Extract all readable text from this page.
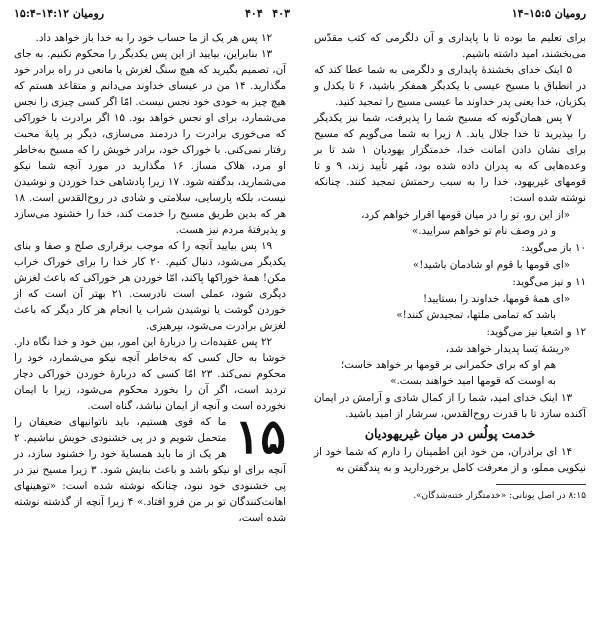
رومیان ۱۵:۵–۱۴
۴۰۴ ۴۰۳
رومیان ۱۴:۱۲–۱۵:۴

برای تعلیم ما بوده تا با پایداری و آن دلگرمی که کتب مقدّس می‌بخشند، امید داشته باشیم.

۵ اینک خدای بخشندهٔ پایداری و دلگرمی به شما عطا کند که در انطباق با مسیح عیسی با یکدیگر همفکر باشید، ۶ تا یکدل و یکزبان، خدا یعنی پدر خداوند ما عیسی مسیح را تمجید کنید.
۷ پس همان‌گونه که مسیح شما را پذیرفت، شما نیز یکدیگر را بپذیرید تا خدا جلال یابد. ۸ زیرا به شما می‌گویم که مسیح برای نشان دادن امانت خدا، خدمتگزار یهودیان ۱ شد تا بر وعده‌هایی که به پدران داده شده بود، مُهر تأیید زند، ۹ و تا قومهای غیریهود، خدا را به سبب رحمتش تمجید کنند. چنانکه نوشته شده است:
«از این رو، تو را در میان قومها اقرار خواهم کرد،
و در وصف نام تو خواهم سرایید.»
۱۰ باز می‌گوید:
«ای قومها با قوم او شادمان باشید!»
۱۱ و نیز می‌گوید:
«ای همهٔ قومها، خداوند را بستایید!
باشد که تمامی ملتها، تمجیدش کنند!»
۱۲ و اشعیا نیز می‌گوید:
«ریشهٔ یَسا پدیدار خواهد شد،
هم او که برای حکمرانی بر قومها بر خواهد خاست؛
به اوست که قومها امید خواهند بست.»
۱۳ اینک خدای امید، شما را از کمال شادی و آرامش در ایمان آکنده سازد تا با قدرت روح‌القدس، سرشار از امید باشید.
خدمت پولُس در میان غیریهودیان
۱۴ ای برادران، من خود این اطمینان را دارم که شما خود از نیکویی مملو، و از معرفت کامل برخوردارید و به پندگفتن به
۸:۱۵ در اصل یونانی: «خدمتگزار ختنه‌شدگان».
۱۲ پس هر یک از ما حساب خود را به خدا باز خواهد داد.
۱۳ بنابراین، بیایید از این پس یکدیگر را محکوم نکنیم. به جای آن، تصمیم بگیرید که هیچ سنگ لغزش یا مانعی در راه برادر خود مگذارید. ۱۴ من در عیسای خداوند می‌دانم و متقاعد هستم که هیچ چیز به خودی خود نجس نیست. امّا اگر کسی چیزی را نجس می‌شمارد، برای او نجس خواهد بود. ۱۵ اگر برادرت با خوراکی که می‌خوری برادرت را دردمند می‌سازی، دیگر بر پایهٔ محبت رفتار نمی‌کنی. با خوراک خود، برادر خویش را که مسیح به‌خاطر او مرد، هلاک مساز. ۱۶ مگذارید در مورد آنچه شما نیکو می‌شمارید، بدگفته شود. ۱۷ زیرا پادشاهی خدا خوردن و نوشیدن نیست، بلکه پارسایی، سلامتی و شادی در روح‌القدس است. ۱۸ هر که بدین طریق مسیح را خدمت کند، خدا را خشنود می‌سازد و پذیرفتهٔ مردم نیز هست.
۱۹ پس بیایید آنچه را که موجب برقراری صلح و صفا و بنای یکدیگر می‌شود، دنبال کنیم. ۲۰ کار خدا را برای خوراک خراب مکن! همهٔ خوراکها پاکند، امّا خوردن هر خوراکی که باعث لغزش دیگری شود، عملی است نادرست. ۲۱ بهتر آن است که از خوردن گوشت یا نوشیدن شراب یا انجام هر کار دیگر که باعث لغزش برادرت می‌شود، بپرهیزی.
۲۲ پس عقیده‌ات را دربارهٔ این امور، بین خود و خدا نگاه دار. خوشا به حال کسی که به‌خاطر آنچه نیکو می‌شمارد، خود را محکوم نمی‌کند. ۲۳ امّا کسی که دربارهٔ خوردن خوراکی دچار تردید است، اگر آن را بخورد محکوم می‌شود، زیرا با ایمان نخورده است و آنچه از ایمان نباشد، گناه است.
۱۵
ما که قوی هستیم، باید ناتوانیهای ضعیفان را متحمل شویم و در پی خشنودی خویش نباشیم. ۲ هر یک از ما باید همسایهٔ خود را خشنود سازد، در آنچه برای او نیکو باشد و باعث بنایش شود. ۳ زیرا مسیح نیز در پی خشنودی خود نبود، چنانکه نوشته شده است: «توهینهای اهانت‌کنندگان تو بر من فرو افتاد.» ۴ زیرا آنچه از گذشته نوشته شده است،
